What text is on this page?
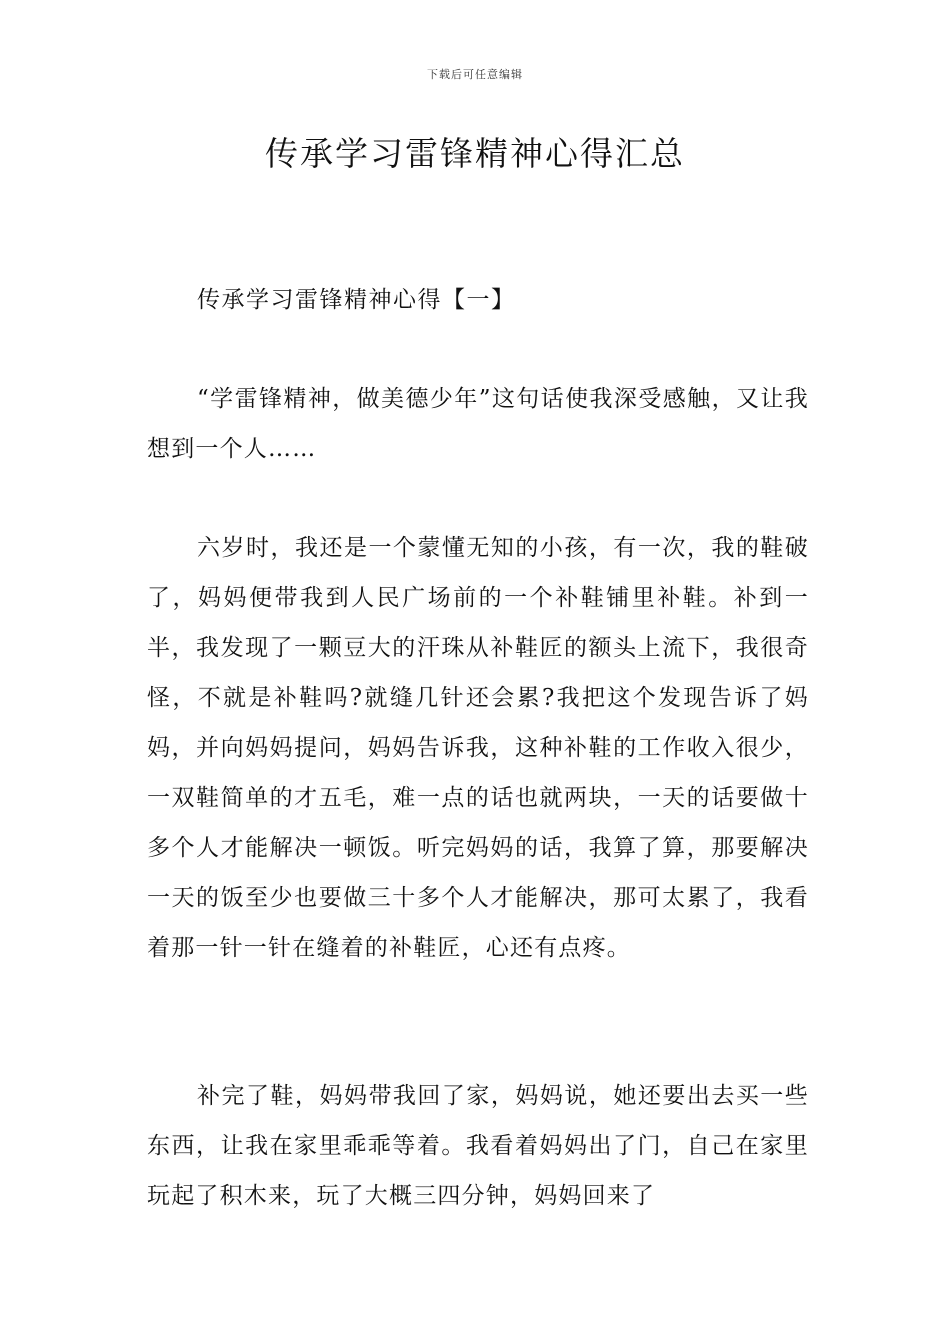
下载后可任意编辑
传承学习雷锋精神心得汇总
传承学习雷锋精神心得【一】

“学雷锋精神，做美德少年”这句话使我深受感触，又让我想到一个人……

六岁时，我还是一个蒙懂无知的小孩，有一次，我的鞋破了，妈妈便带我到人民广场前的一个补鞋铺里补鞋。补到一半，我发现了一颗豆大的汗珠从补鞋匠的额头上流下，我很奇怪，不就是补鞋吗?就缝几针还会累?我把这个发现告诉了妈妈，并向妈妈提问，妈妈告诉我，这种补鞋的工作收入很少，一双鞋简单的才五毛，难一点的话也就两块，一天的话要做十多个人才能解决一顿饭。听完妈妈的话，我算了算，那要解决一天的饭至少也要做三十多个人才能解决，那可太累了，我看着那一针一针在缝着的补鞋匠，心还有点疼。

补完了鞋，妈妈带我回了家，妈妈说，她还要出去买一些东西，让我在家里乖乖等着。我看着妈妈出了门，自己在家里玩起了积木来，玩了大概三四分钟，妈妈回来了
